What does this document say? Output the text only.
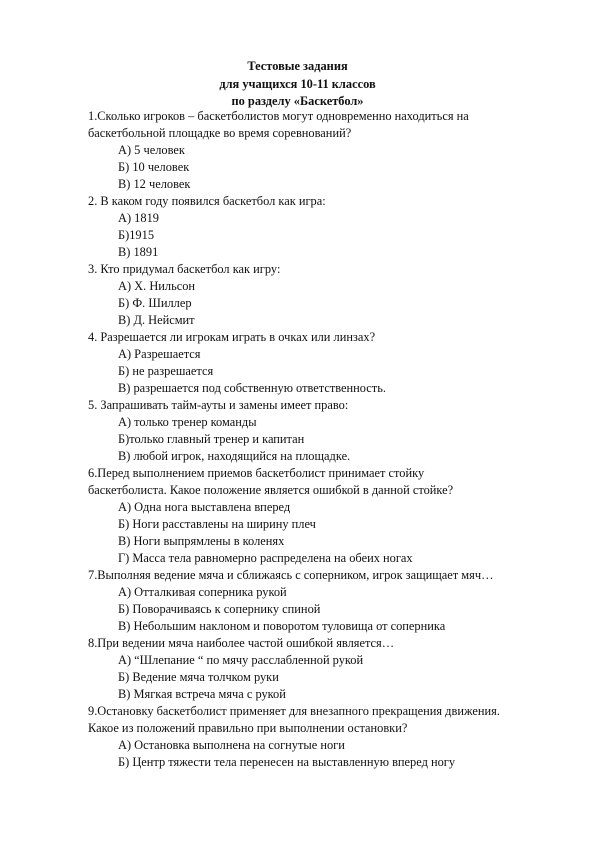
Тестовые задания
для учащихся 10-11 классов
по разделу «Баскетбол»
1.Сколько игроков – баскетболистов могут одновременно находиться на
баскетбольной площадке во время соревнований?
А) 5 человек
Б) 10 человек
В) 12 человек
2. В каком году появился баскетбол как игра:
А) 1819
Б)1915
В) 1891
3. Кто придумал баскетбол как игру:
А) Х. Нильсон
Б) Ф. Шиллер
В) Д. Нейсмит
4. Разрешается ли игрокам играть в очках или линзах?
А) Разрешается
Б) не разрешается
В) разрешается под собственную ответственность.
5. Запрашивать тайм-ауты и замены имеет право:
А) только тренер команды
Б)только главный тренер и капитан
В) любой игрок, находящийся на площадке.
6.Перед выполнением приемов баскетболист принимает стойку
баскетболиста. Какое положение является ошибкой в данной стойке?
А) Одна нога выставлена вперед
Б) Ноги расставлены на ширину плеч
В) Ноги выпрямлены в коленях
Г) Масса тела равномерно распределена на обеих ногах
7.Выполняя ведение мяча и сближаясь с соперником, игрок защищает мяч…
А) Отталкивая соперника рукой
Б) Поворачиваясь к сопернику спиной
В) Небольшим наклоном и поворотом туловища от соперника
8.При ведении мяча наиболее частой ошибкой является…
А) “Шлепание “ по мячу расслабленной рукой
Б) Ведение мяча толчком руки
В) Мягкая встреча мяча с рукой
9.Остановку баскетболист применяет для внезапного прекращения движения.
Какое из положений правильно при выполнении остановки?
А) Остановка выполнена на согнутые ноги
Б) Центр тяжести тела перенесен на выставленную вперед ногу
